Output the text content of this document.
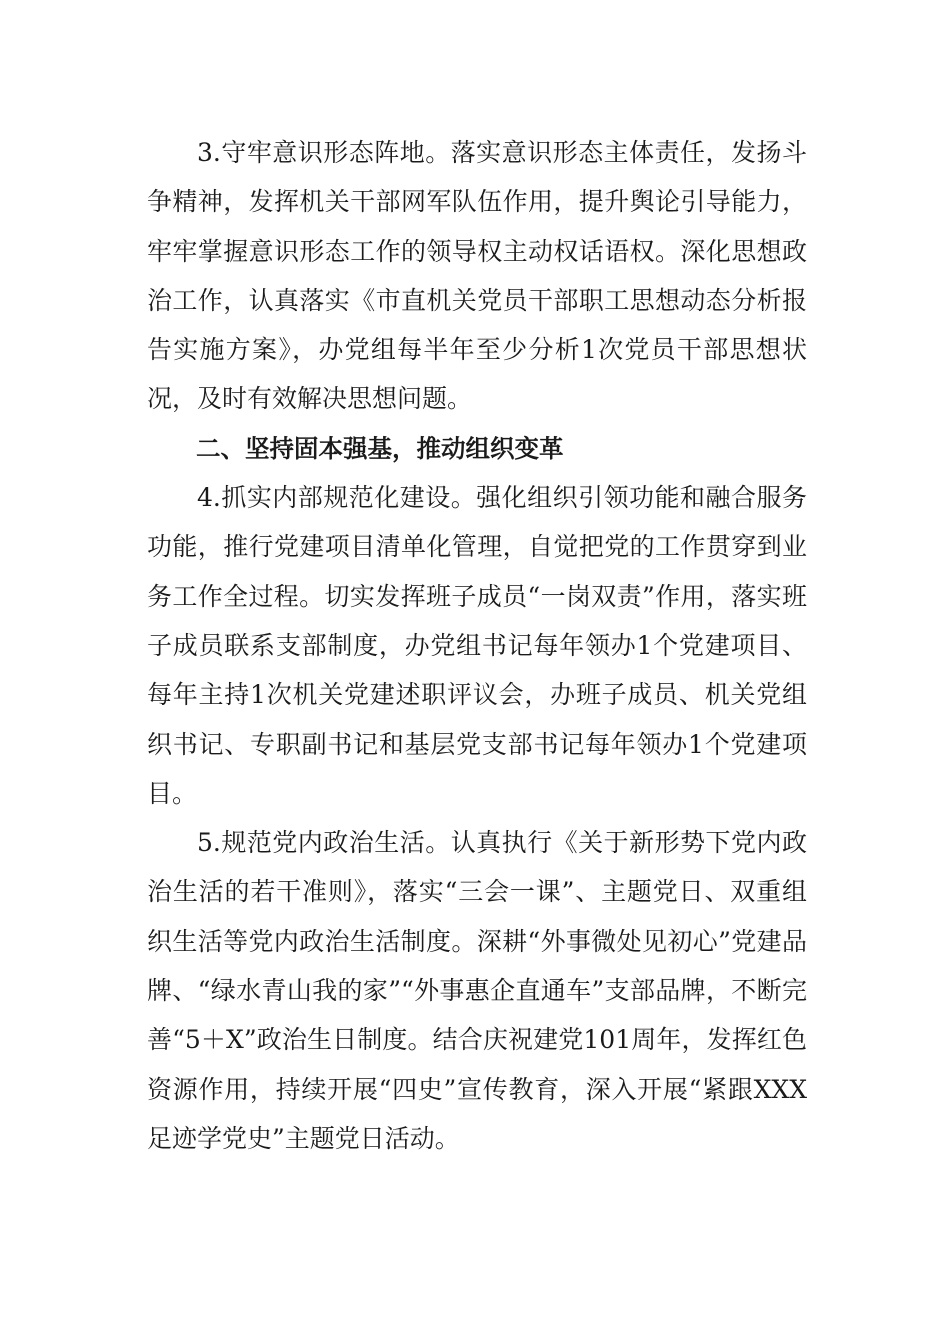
3.守牢意识形态阵地。落实意识形态主体责任，发扬斗争精神，发挥机关干部网军队伍作用，提升舆论引导能力，牢牢掌握意识形态工作的领导权主动权话语权。深化思想政治工作，认真落实《市直机关党员干部职工思想动态分析报告实施方案》，办党组每半年至少分析1次党员干部思想状况，及时有效解决思想问题。

二、坚持固本强基，推动组织变革

4.抓实内部规范化建设。强化组织引领功能和融合服务功能，推行党建项目清单化管理，自觉把党的工作贯穿到业务工作全过程。切实发挥班子成员“一岗双责”作用，落实班子成员联系支部制度，办党组书记每年领办1个党建项目、每年主持1次机关党建述职评议会，办班子成员、机关党组织书记、专职副书记和基层党支部书记每年领办1个党建项目。

5.规范党内政治生活。认真执行《关于新形势下党内政治生活的若干准则》，落实“三会一课”、主题党日、双重组织生活等党内政治生活制度。深耕“外事微处见初心”党建品牌、“绿水青山我的家”“外事惠企直通车”支部品牌，不断完善“5＋X”政治生日制度。结合庆祝建党101周年，发挥红色资源作用，持续开展“四史”宣传教育，深入开展“紧跟XXX足迹学党史”主题党日活动。
